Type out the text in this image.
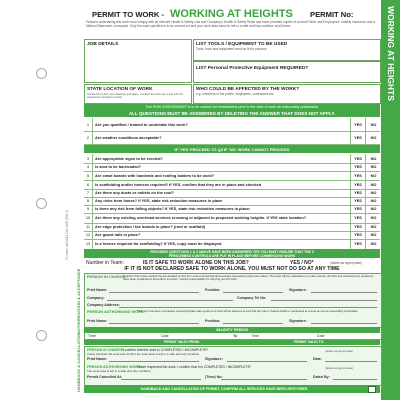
To order call 0113 244 4202 (Ref 1)
AUTHORISATION & ACCEPTANCE
HANDBACK & CANCELLATION
WORKING AT HEIGHTS
PERMIT TO WORK - WORKING AT HEIGHTS PERMIT No:
Persons undertaking this work must comply with all relevant Health & Safety Law and Company's Health & Safety Rules and have provided copies of current Public and Employees' Liability Insurance and a Method Statement on request. Only the work specified is to be carried out and your work area must be left in a safe and tidy condition at all times.
JOB DETAILS	LIST TOOLS / EQUIPMENT TO BE USED
Tools, tools and equipment must be fit for purpose
LIST Personal Protective Equipment REQUIRED?
STATE LOCATION OF WORK
Include floor plans, site drawings and plans. Conduct the work (as in line with the assessment questions below)
WHO COULD BE AFFECTED BY THE WORK?
e.g. members of the public, employees, contractors etc.
This RISK ASSESSMENT is to be carried out immediately prior to the start of work as reasonably practicable.
ALL QUESTIONS MUST BE ANSWERED BY DELETING THE ANSWER THAT DOES NOT APPLY.
1	Are you qualified / trained to undertake this work?	YES	NO
2	Are weather conditions acceptable?	YES	NO
IF 'YES' PROCEED TO Q3 IF 'NO' WORK CANNOT PROCEED
3	Are appropriate signs to be erected?	YES	NO
4	Is area to be barricaded?	YES	NO
5	Are crawl boards with handrails and roofing ladders to be used?	YES	NO
6	Is scaffolding and/or harness required? If YES, confirm that they are in place and checked	YES	NO
7	Are there any ducts or outlets on the roof?	YES	NO
8	Any risks from fumes? If YES, state risk reduction measures in place	YES	NO
9	Is there any risk from falling objects? If YES, state risk reduction measures in place:	YES	NO
10	Are there any existing overhead services crossing or adjacent to proposed working heights. If YES state location?	YES	NO
11	Are edge protection / toe boards in place? (roof or scaffold)	YES	NO
12	Are guard rails in place?	YES	NO
13	Is a license required for scaffolding? If YES, copy must be displayed.	YES	NO
PROVIDED QUESTIONS 1 & 2 ABOVE HAVE BEEN ANSWERED YES YOU MUST ENSURE THAT THE 3
PRESCRIBED CONTROLS ARE PUT IN PLACE BEFORE COMMENCING WORK
Number in Team:	IS IT SAFE TO WORK ALONE ON THIS JOB?	YES / NO*	(delete as appropriate)
IF IT IS NOT DECLARED SAFE TO WORK ALONE, YOU MUST NOT DO SO AT ANY TIME
PERSON IN CHARGE:
I confirm that I have verified the job detailed on this form and ensured that all necessary precautions have been taken. The work will be undertaken in a safe manner. All risks and precautionary measures have been explained to all workers involved. I accept responsibility for carrying out this work.
Print Name:	Position:	Signature:
Company:	Company Tel No:
Company Address:
PERSON AUTHORISING WORK:
This form has been completed, and appropriate safe systems of work will be adhered to and that any risk or hazard shall be maintained at a level as low as reasonably practicable.
Print Name:	Position:	Signature:
VALIDITY PERIOD
Time	Date	To	Time	Date
PERMIT VALID FROM:	PERMIT VALID TO:
PERSON IN CHARGE:
I confirm that the work is COMPLETED / INCOMPLETE*	(delete as appropriate)
I have checked the work and confirm the work area is left in a safe and tidy condition.
Print Name:	Signature:	Date:
PERSON AUTHORISING WORK:
I have inspected the work. I confirm that it is COMPLETED / INCOMPLETE*	(delete as appropriate)
The work area is left in a safe and tidy condition.
Permit Cancelled At:	(Time) No:	Dated By:
HANDBACK AND CANCELLATION OF PERMIT, CONFIRM ALL SERVICES HAVE BEEN RESTORED
